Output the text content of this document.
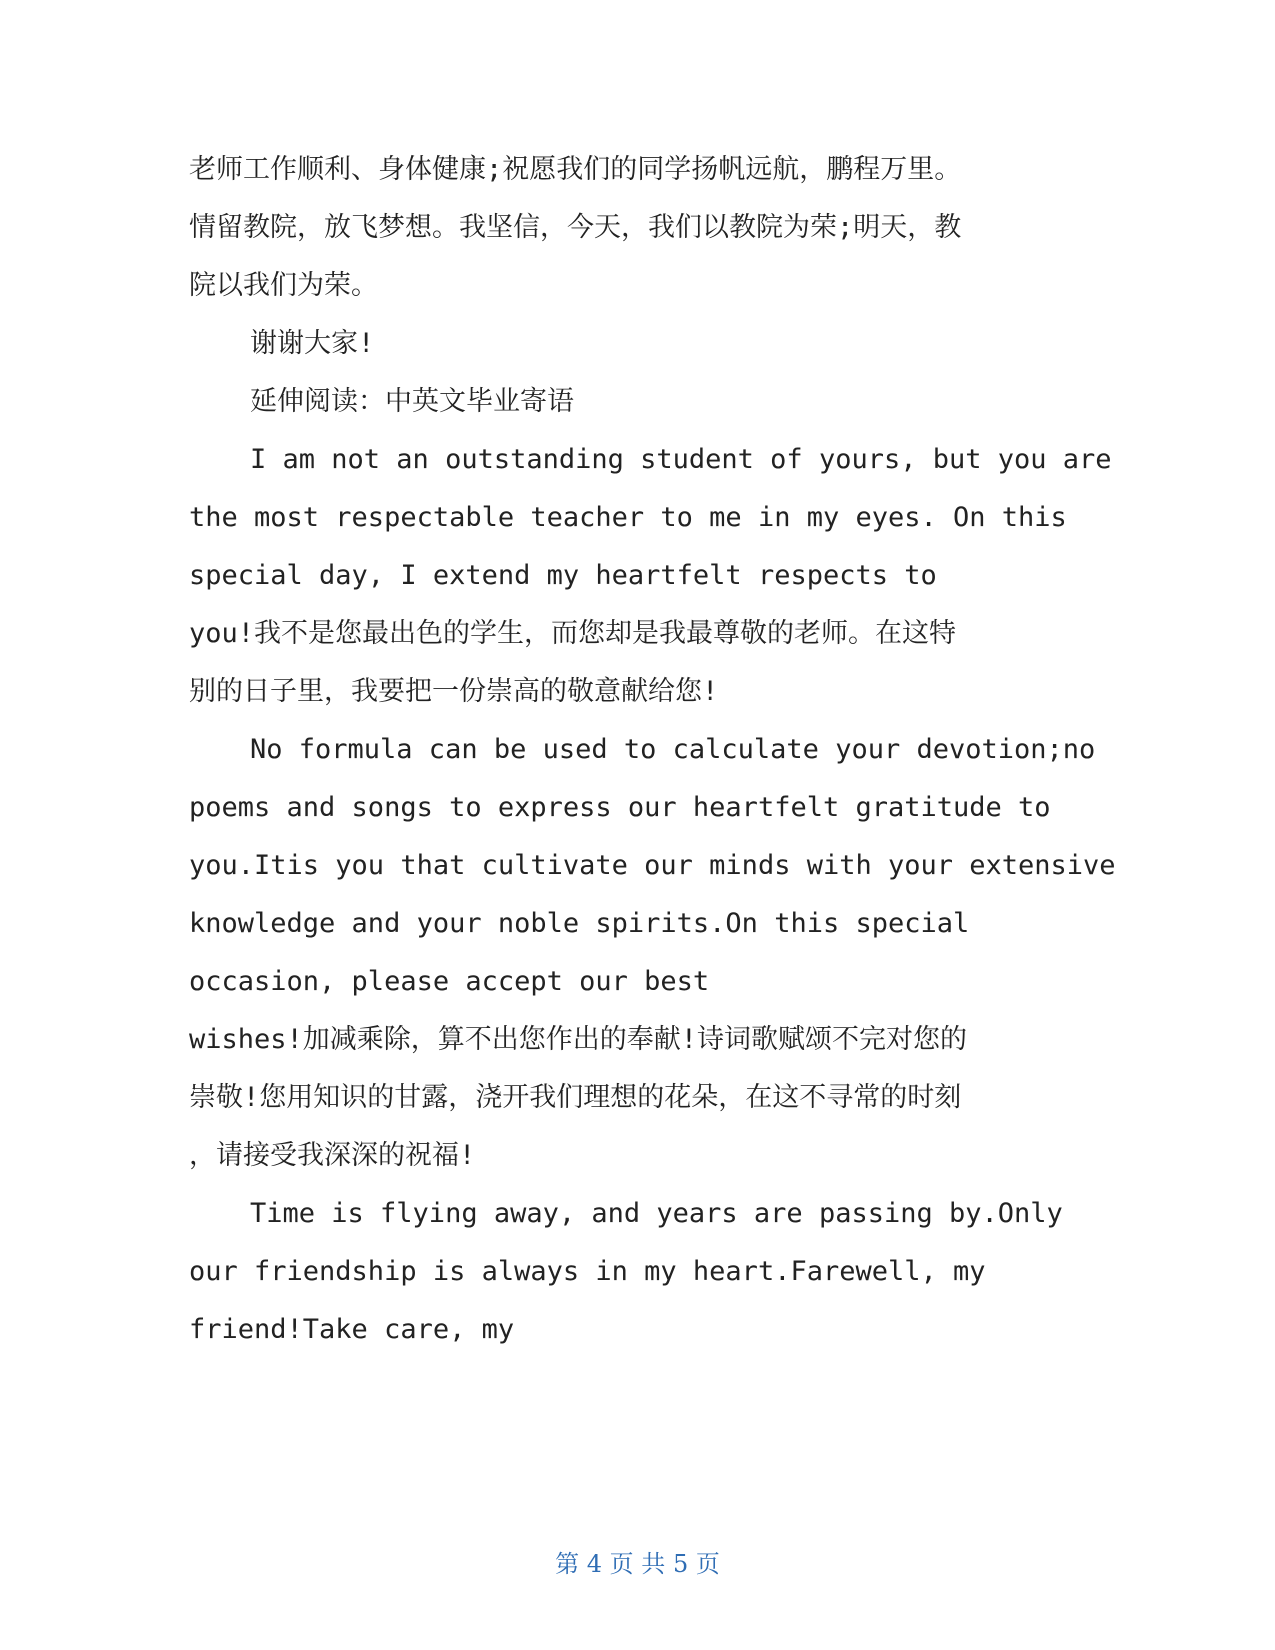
老师工作顺利、身体健康;祝愿我们的同学扬帆远航，鹏程万里。
情留教院，放飞梦想。我坚信，今天，我们以教院为荣;明天，教
院以我们为荣。
谢谢大家!
延伸阅读：中英文毕业寄语
I am not an outstanding student of yours, but you are
the most respectable teacher to me in my eyes. On this
special day, I extend my heartfelt respects to
you!我不是您最出色的学生，而您却是我最尊敬的老师。在这特
别的日子里，我要把一份崇高的敬意献给您!
No formula can be used to calculate your devotion;no
poems and songs to express our heartfelt gratitude to
you.Itis you that cultivate our minds with your extensive
knowledge and your noble spirits.On this special
occasion, please accept our best
wishes!加减乘除，算不出您作出的奉献!诗词歌赋颂不完对您的
崇敬!您用知识的甘露，浇开我们理想的花朵，在这不寻常的时刻
，请接受我深深的祝福!
Time is flying away, and years are passing by.Only
our friendship is always in my heart.Farewell, my
friend!Take care, my
第 4 页 共 5 页
